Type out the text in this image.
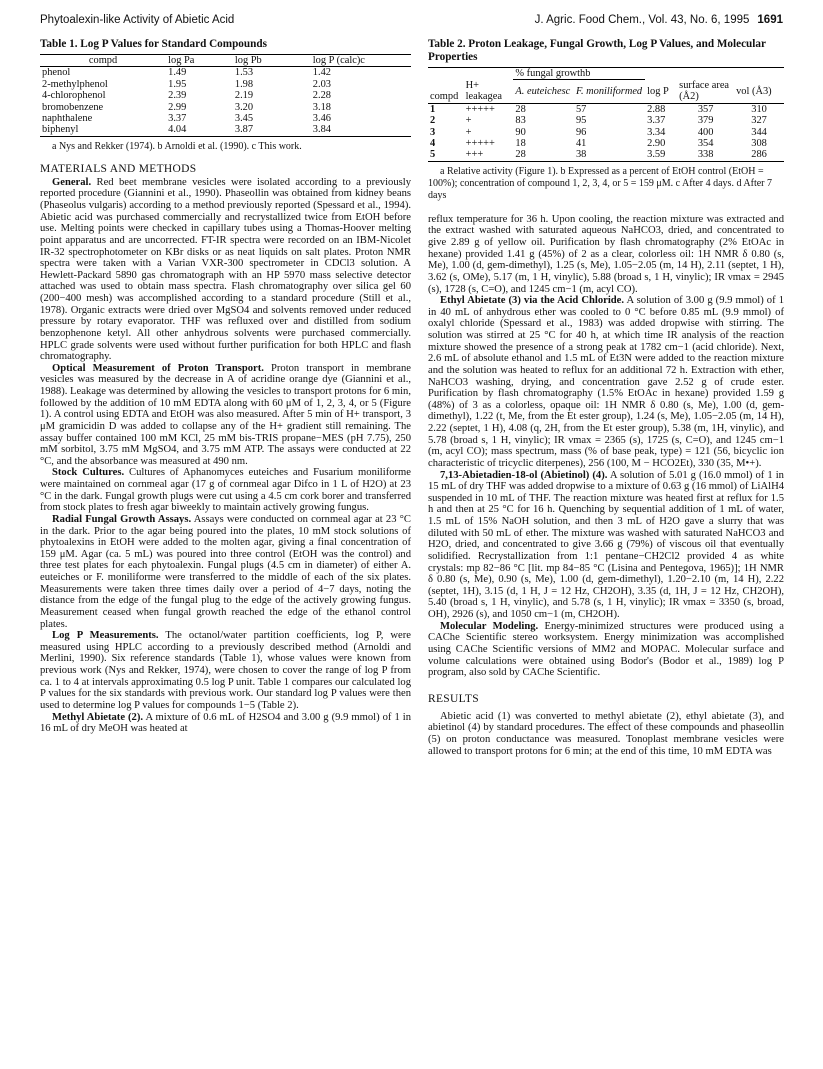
Phytoalexin-like Activity of Abietic Acid	J. Agric. Food Chem., Vol. 43, No. 6, 1995 1691
Table 1. Log P Values for Standard Compounds
compd	log Pa	log Pb	log P (calc)c
phenol	1.49	1.53	1.42
2-methylphenol	1.95	1.98	2.03
4-chlorophenol	2.39	2.19	2.28
bromobenzene	2.99	3.20	3.18
naphthalene	3.37	3.45	3.46
biphenyl	4.04	3.87	3.84
a Nys and Rekker (1974). b Arnoldi et al. (1990). c This work.
MATERIALS AND METHODS

General. Red beet membrane vesicles were isolated according to a previously reported procedure (Giannini et al., 1990). Phaseollin was obtained from kidney beans (Phaseolus vulgaris) according to a method previously reported (Spessard et al., 1994). Abietic acid was purchased commercially and recrystallized twice from EtOH before use. Melting points were checked in capillary tubes using a Thomas-Hoover melting point apparatus and are uncorrected. FT-IR spectra were recorded on an IBM-Nicolet IR-32 spectrophotometer on KBr disks or as neat liquids on salt plates. Proton NMR spectra were taken with a Varian VXR-300 spectrometer in CDCl3 solution. A Hewlett-Packard 5890 gas chromatograph with an HP 5970 mass selective detector attached was used to obtain mass spectra. Flash chromatography over silica gel 60 (200−400 mesh) was accomplished according to a standard procedure (Still et al., 1978). Organic extracts were dried over MgSO4 and solvents removed under reduced pressure by rotary evaporator. THF was refluxed over and distilled from sodium benzophenone ketyl. All other anhydrous solvents were purchased commercially. HPLC grade solvents were used without further purification for both HPLC and flash chromatography.

Optical Measurement of Proton Transport. Proton transport in membrane vesicles was measured by the decrease in A of acridine orange dye (Giannini et al., 1988). Leakage was determined by allowing the vesicles to transport protons for 6 min, followed by the addition of 10 mM EDTA along with 60 μM of 1, 2, 3, 4, or 5 (Figure 1). A control using EDTA and EtOH was also measured. After 5 min of H+ transport, 3 μM gramicidin D was added to collapse any of the H+ gradient still remaining. The assay buffer contained 100 mM KCl, 25 mM bis-TRIS propane−MES (pH 7.75), 250 mM sorbitol, 3.75 mM MgSO4, and 3.75 mM ATP. The assays were conducted at 22 °C, and the absorbance was measured at 490 nm.

Stock Cultures. Cultures of Aphanomyces euteiches and Fusarium moniliforme were maintained on cornmeal agar (17 g of cornmeal agar Difco in 1 L of H2O) at 23 °C in the dark. Fungal growth plugs were cut using a 4.5 cm cork borer and transferred from stock plates to fresh agar biweekly to maintain actively growing fungus.

Radial Fungal Growth Assays. Assays were conducted on cornmeal agar at 23 °C in the dark. Prior to the agar being poured into the plates, 10 mM stock solutions of phytoalexins in EtOH were added to the molten agar, giving a final concentration of 159 μM. Agar (ca. 5 mL) was poured into three control (EtOH was the control) and three test plates for each phytoalexin. Fungal plugs (4.5 cm in diameter) of either A. euteiches or F. moniliforme were transferred to the middle of each of the six plates. Measurements were taken three times daily over a period of 4−7 days, noting the distance from the edge of the fungal plug to the edge of the actively growing fungus. Measurement ceased when fungal growth reached the edge of the ethanol control plates.

Log P Measurements. The octanol/water partition coefficients, log P, were measured using HPLC according to a previously described method (Arnoldi and Merlini, 1990). Six reference standards (Table 1), whose values were known from previous work (Nys and Rekker, 1974), were chosen to cover the range of log P from ca. 1 to 4 at intervals approximating 0.5 log P unit. Table 1 compares our calculated log P values for the six standards with previous work. Our standard log P values were then used to determine log P values for compounds 1−5 (Table 2).

Methyl Abietate (2). A mixture of 0.6 mL of H2SO4 and 3.00 g (9.9 mmol) of 1 in 16 mL of dry MeOH was heated at

Table 2. Proton Leakage, Fungal Growth, Log P Values, and Molecular Properties
		% fungal growthb				
compd	H+ leakagea	A. euteichesc	F. moniliformed	log P	surface area (Å2)	vol (Å3)
1	+++++	28	57	2.88	357	310
2	+	83	95	3.37	379	327
3	+	90	96	3.34	400	344
4	+++++	18	41	2.90	354	308
5	+++	28	38	3.59	338	286
a Relative activity (Figure 1). b Expressed as a percent of EtOH control (EtOH = 100%); concentration of compound 1, 2, 3, 4, or 5 = 159 μM. c After 4 days. d After 7 days

reflux temperature for 36 h. Upon cooling, the reaction mixture was extracted and the extract washed with saturated aqueous NaHCO3, dried, and concentrated to give 2.89 g of yellow oil. Purification by flash chromatography (2% EtOAc in hexane) provided 1.41 g (45%) of 2 as a clear, colorless oil: 1H NMR δ 0.80 (s, Me), 1.00 (d, gem-dimethyl), 1.25 (s, Me), 1.05−2.05 (m, 14 H), 2.11 (septet, 1 H), 3.62 (s, OMe), 5.17 (m, 1 H, vinylic), 5.88 (broad s, 1 H, vinylic); IR νmax = 2945 (s), 1728 (s, C=O), and 1245 cm−1 (m, acyl CO).

Ethyl Abietate (3) via the Acid Chloride. A solution of 3.00 g (9.9 mmol) of 1 in 40 mL of anhydrous ether was cooled to 0 °C before 0.85 mL (9.9 mmol) of oxalyl chloride (Spessard et al., 1983) was added dropwise with stirring. The solution was stirred at 25 °C for 40 h, at which time IR analysis of the reaction mixture showed the presence of a strong peak at 1782 cm−1 (acid chloride). Next, 2.6 mL of absolute ethanol and 1.5 mL of Et3N were added to the reaction mixture and the solution was heated to reflux for an additional 72 h. Extraction with ether, NaHCO3 washing, drying, and concentration gave 2.52 g of crude ester. Purification by flash chromatography (1.5% EtOAc in hexane) provided 1.59 g (48%) of 3 as a colorless, opaque oil: 1H NMR δ 0.80 (s, Me), 1.00 (d, gem-dimethyl), 1.22 (t, Me, from the Et ester group), 1.24 (s, Me), 1.05−2.05 (m, 14 H), 2.22 (septet, 1 H), 4.08 (q, 2H, from the Et ester group), 5.38 (m, 1H, vinylic), and 5.78 (broad s, 1 H, vinylic); IR νmax = 2365 (s), 1725 (s, C=O), and 1245 cm−1 (m, acyl CO); mass spectrum, mass (% of base peak, type) = 121 (56, bicyclic ion characteristic of tricyclic diterpenes), 256 (100, M − HCO2Et), 330 (35, M•+).

7,13-Abietadien-18-ol (Abietinol) (4). A solution of 5.01 g (16.0 mmol) of 1 in 15 mL of dry THF was added dropwise to a mixture of 0.63 g (16 mmol) of LiAlH4 suspended in 10 mL of THF. The reaction mixture was heated first at reflux for 1.5 h and then at 25 °C for 16 h. Quenching by sequential addition of 1 mL of water, 1.5 mL of 15% NaOH solution, and then 3 mL of H2O gave a slurry that was diluted with 50 mL of ether. The mixture was washed with saturated NaHCO3 and H2O, dried, and concentrated to give 3.66 g (79%) of viscous oil that eventually solidified. Recrystallization from 1:1 pentane−CH2Cl2 provided 4 as white crystals: mp 82−86 °C [lit. mp 84−85 °C (Lisina and Pentegova, 1965)]; 1H NMR δ 0.80 (s, Me), 0.90 (s, Me), 1.00 (d, gem-dimethyl), 1.20−2.10 (m, 14 H), 2.22 (septet, 1H), 3.15 (d, 1 H, J = 12 Hz, CH2OH), 3.35 (d, 1H, J = 12 Hz, CH2OH), 5.40 (broad s, 1 H, vinylic), and 5.78 (s, 1 H, vinylic); IR νmax = 3350 (s, broad, OH), 2926 (s), and 1050 cm−1 (m, CH2OH).

Molecular Modeling. Energy-minimized structures were produced using a CAChe Scientific stereo worksystem. Energy minimization was accomplished using CAChe Scientific versions of MM2 and MOPAC. Molecular surface and volume calculations were obtained using Bodor's (Bodor et al., 1989) log P program, also sold by CAChe Scientific.

RESULTS

Abietic acid (1) was converted to methyl abietate (2), ethyl abietate (3), and abietinol (4) by standard procedures. The effect of these compounds and phaseollin (5) on proton conductance was measured. Tonoplast membrane vesicles were allowed to transport protons for 6 min; at the end of this time, 10 mM EDTA was
